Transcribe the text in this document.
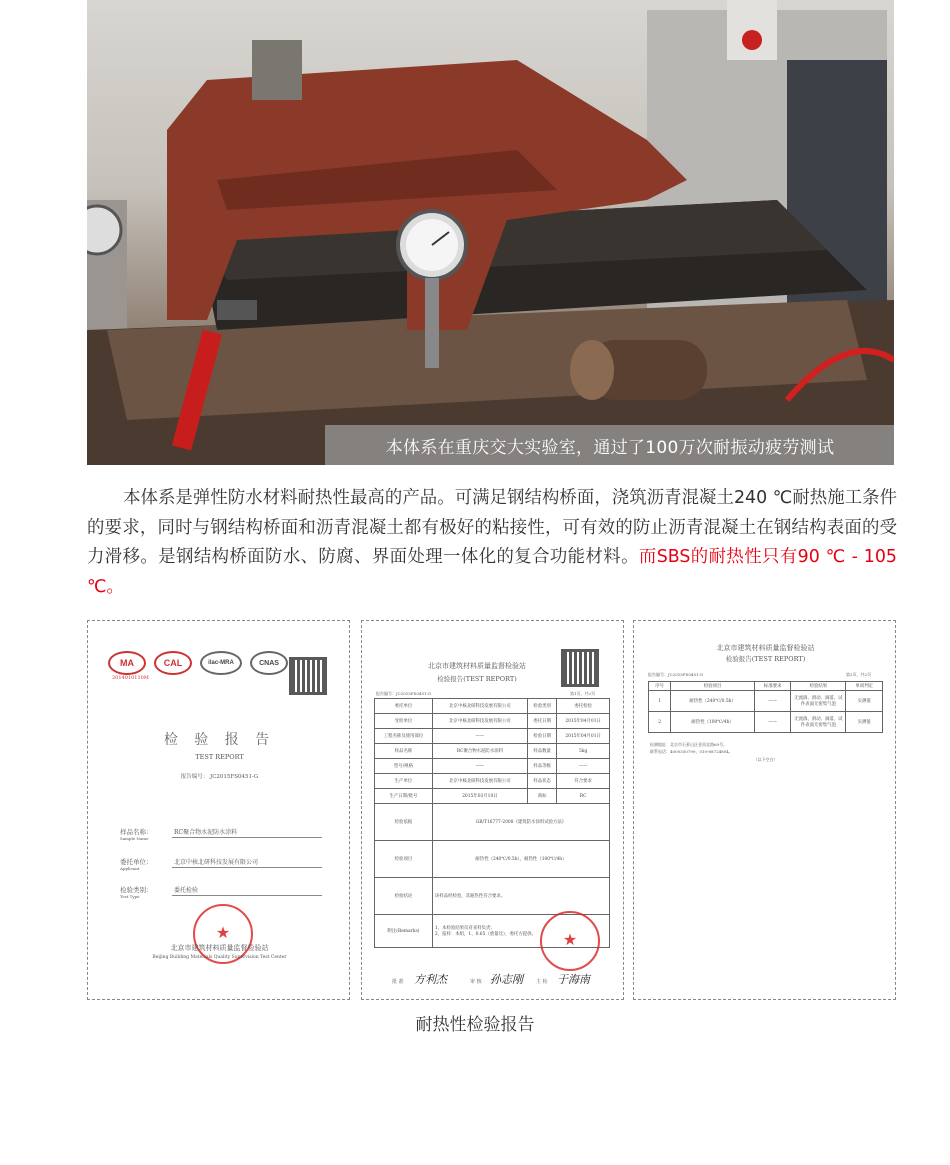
本体系在重庆交大实验室，通过了100万次耐振动疲劳测试
本体系是弹性防水材料耐热性最高的产品。可满足钢结构桥面，浇筑沥青混凝土240 ℃耐热施工条件的要求，同时与钢结构桥面和沥青混凝土都有极好的粘接性，可有效的防止沥青混凝土在钢结构表面的受力滑移。是钢结构桥面防水、防腐、界面处理一体化的复合功能材料。而SBS的耐热性只有90 ℃ - 105 ℃。
MA	CAL	ilac-MRA	CNAS
2014010110M
检 验 报 告
TEST REPORT
报告编号： JC2015FS0451-G
样品名称：
Sample Name
RC聚合物水泥防水涂料
委托单位：
Applicant
北京中核北研科技发展有限公司
检验类别：
Test Type
委托检验
★
北京市建筑材料质量监督检验站
Beijing Building Materials Quality Supervision Test Center
北京市建筑材料质量监督检验站
检验报告(TEST REPORT)
报告编号：JC2015FS0451-G	第1页，共2页
委托单位	北京中核北研科技发展有限公司	检验类别	委托检验
受检单位	北京中核北研科技发展有限公司	委托日期	2015年04月01日
工程名称及使用部位	——	检验日期	2015年04月01日
样品名称	RC聚合物水泥防水涂料	样品数量	5kg
型号/规格	——	样品等级	——
生产单位	北京中核北研科技发展有限公司	样品状态	符合要求
生产日期/批号	2015年03月10日	商标	RC
检验依据	GB/T16777-2008《建筑防水涂料试验方法》		
检验项目	耐热性（240℃/0.5h），耐热性（100℃/4h）		
检验结论	该样品经检验，其耐热性符合要求。		
附注(Remarks)	1、本检验结果仅对来样负责；
2、报样：本组，1、0.65（重量比），委托方提供。		
★
批 准 方利杰	审 核 孙志刚	主 检 于海南
北京市建筑材料质量监督检验站
检验报告(TEST REPORT)
报告编号：JC2015FS0451-G	第2页，共2页
序号	检验项目	标准要求	检验结果	单项判定
1	耐热性（240℃/0.5h）	——	无流淌、滑动、滴落，试件表面无密集气泡	实测值
2	耐热性（100℃/4h）	——	无流淌、滑动、滴落，试件表面无密集气泡	实测值
检测地址：北京市石景山区金顶北路69号。
联系电话：4000350799，010-88724804。
（以下空白）
耐热性检验报告
